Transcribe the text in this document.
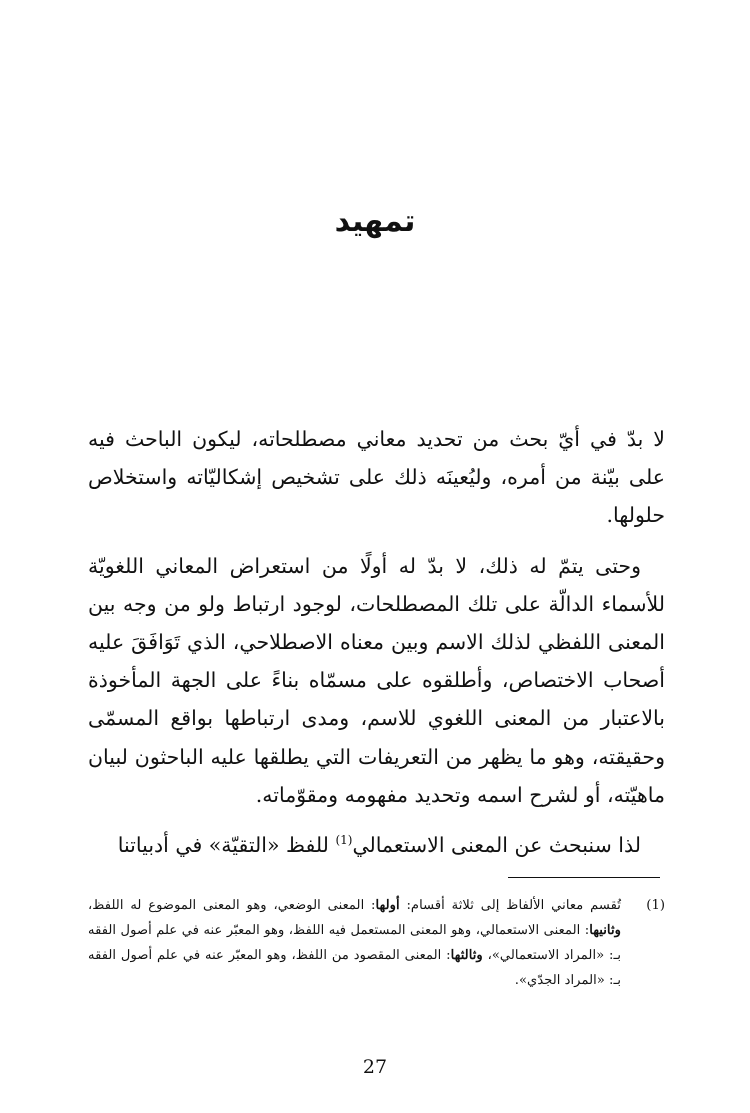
تمهيد

لا بدّ في أيّ بحث من تحديد معاني مصطلحاته، ليكون الباحث فيه على بيّنة من أمره، وليُعينَه ذلك على تشخيص إشكاليّاته واستخلاص حلولها.

وحتى يتمّ له ذلك، لا بدّ له أولًا من استعراض المعاني اللغويّة للأسماء الدالّة على تلك المصطلحات، لوجود ارتباط ولو من وجه بين المعنى اللفظي لذلك الاسم وبين معناه الاصطلاحي، الذي تَوَافَقَ عليه أصحاب الاختصاص، وأطلقوه على مسمّاه بناءً على الجهة المأخوذة بالاعتبار من المعنى اللغوي للاسم، ومدى ارتباطها بواقع المسمّى وحقيقته، وهو ما يظهر من التعريفات التي يطلقها عليه الباحثون لبيان ماهيّته، أو لشرح اسمه وتحديد مفهومه ومقوّماته.

لذا سنبحث عن المعنى الاستعمالي$^{(1)}$ للفظ «التقيّة» في أدبياتنا

(1)
تُقسم معاني الألفاظ إلى ثلاثة أقسام: أولها: المعنى الوضعي، وهو المعنى الموضوع له اللفظ، وثانيها: المعنى الاستعمالي، وهو المعنى المستعمل فيه اللفظ، وهو المعبّر عنه في علم أصول الفقه بـ: «المراد الاستعمالي»، وثالثها: المعنى المقصود من اللفظ، وهو المعبّر عنه في علم أصول الفقه بـ: «المراد الجدّي».
27
